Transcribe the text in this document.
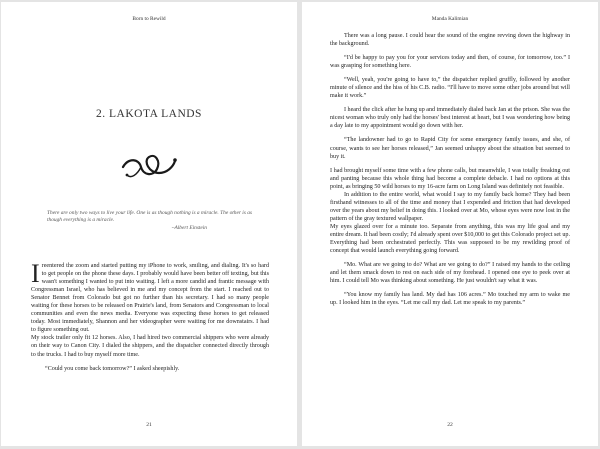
Born to Rewild
2. LAKOTA LANDS
There are only two ways to live your life. One is as though nothing is a miracle. The other is as though everything is a miracle.
~Albert Einstein

Ireentered the zoom and started putting my iPhone to work, smiling, and dialing. It's so hard to get people on the phone these days. I probably would have been better off texting, but this wasn't something I wanted to put into waiting. I left a more candid and frantic message with Congressman Israel, who has believed in me and my concept from the start. I reached out to Senator Bennet from Colorado but got no further than his secretary. I had so many people waiting for these horses to be released on Prairie's land, from Senators and Congressman to local communities and even the news media. Everyone was expecting these horses to get released today. Most immediately, Shannon and her videographer were waiting for me downstairs. I had to figure something out.

My stock trailer only fit 12 horses. Also, I had hired two commercial shippers who were already on their way to Canon City. I dialed the shippers, and the dispatcher connected directly through to the trucks. I had to buy myself more time.

“Could you come back tomorrow?” I asked sheepishly.

21
Manda Kalimian

There was a long pause. I could hear the sound of the engine revving down the highway in the background.

“I'd be happy to pay you for your services today and then, of course, for tomorrow, too.” I was grasping for something here.

“Well, yeah, you're going to have to,” the dispatcher replied gruffly, followed by another minute of silence and the hiss of his C.B. radio. “I'll have to move some other jobs around but will make it work.”

I heard the click after he hung up and immediately dialed back Jan at the prison. She was the nicest woman who truly only had the horses' best interest at heart, but I was wondering how being a day late to my appointment would go down with her.

“The landowner had to go to Rapid City for some emergency family issues, and she, of course, wants to see her horses released,” Jan seemed unhappy about the situation but seemed to buy it.

I had brought myself some time with a few phone calls, but meanwhile, I was totally freaking out and panting because this whole thing had become a complete debacle. I had no options at this point, as bringing 50 wild horses to my 16-acre farm on Long Island was definitely not feasible.

In addition to the entire world, what would I say to my family back home? They had been firsthand witnesses to all of the time and money that I expended and friction that had developed over the years about my belief in doing this. I looked over at Mo, whose eyes were now lost in the pattern of the gray textured wallpaper.

My eyes glazed over for a minute too. Separate from anything, this was my life goal and my entire dream. It had been costly; I'd already spent over $10,000 to get this Colorado project set up. Everything had been orchestrated perfectly. This was supposed to be my rewilding proof of concept that would launch everything going forward.

“Mo. What are we going to do? What are we going to do?” I raised my hands to the ceiling and let them smack down to rest on each side of my forehead. I opened one eye to peek over at him. I could tell Mo was thinking about something. He just wouldn't say what it was.

“You know my family has land. My dad has 106 acres.” Mo touched my arm to wake me up. I looked him in the eyes. “Let me call my dad. Let me speak to my parents.”

22
